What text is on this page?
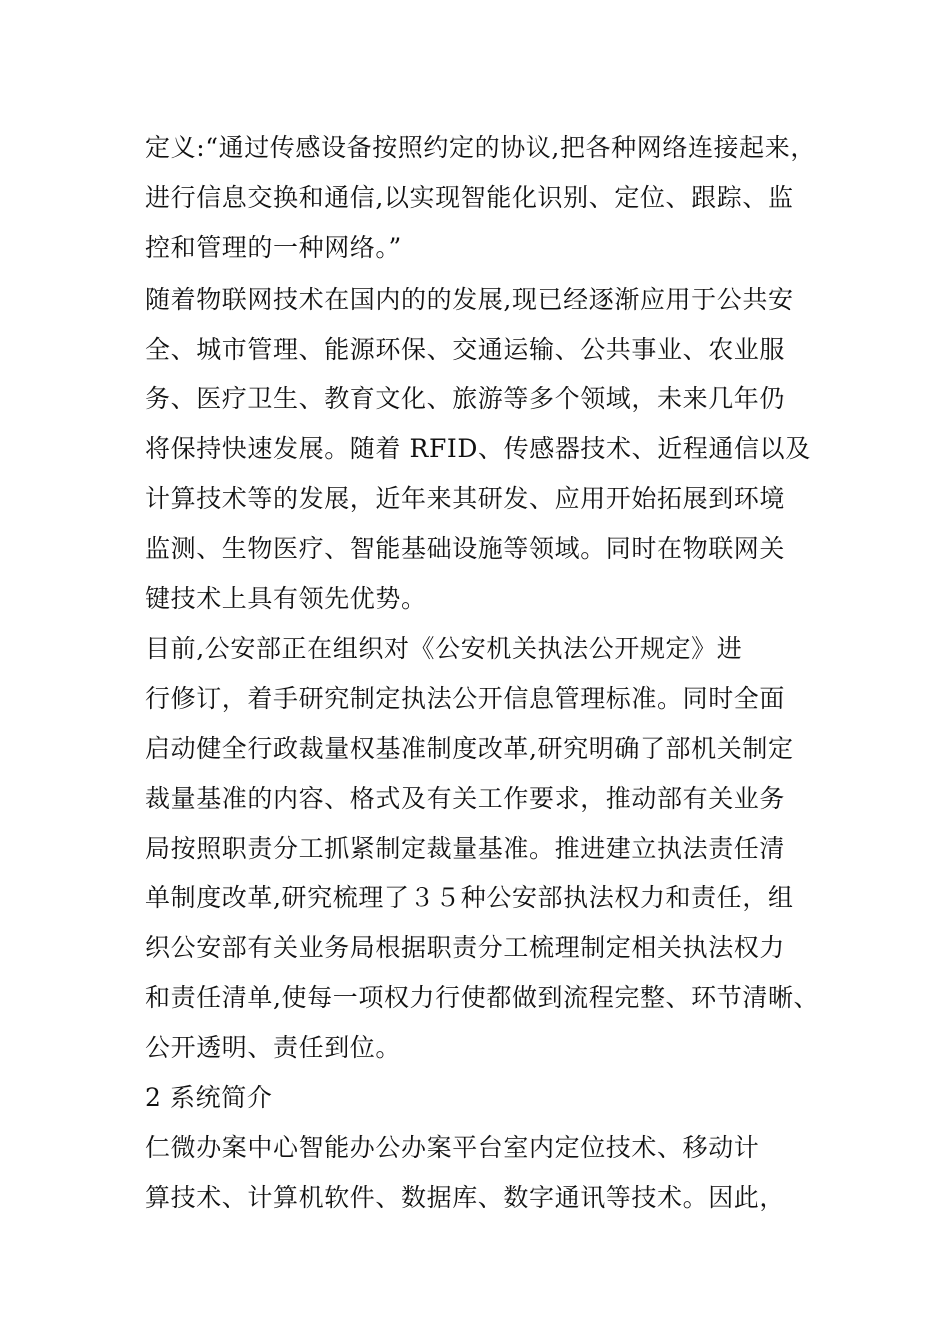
定义:“通过传感设备按照约定的协议,把各种网络连接起来，
进行信息交换和通信,以实现智能化识别、定位、跟踪、监
控和管理的一种网络。”
随着物联网技术在国内的的发展,现已经逐渐应用于公共安
全、城市管理、能源环保、交通运输、公共事业、农业服
务、医疗卫生、教育文化、旅游等多个领域，未来几年仍
将保持快速发展。随着 RFID、传感器技术、近程通信以及
计算技术等的发展，近年来其研发、应用开始拓展到环境
监测、生物医疗、智能基础设施等领域。同时在物联网关
键技术上具有领先优势。
目前,公安部正在组织对《公安机关执法公开规定》进
行修订，着手研究制定执法公开信息管理标准。同时全面
启动健全行政裁量权基准制度改革,研究明确了部机关制定
裁量基准的内容、格式及有关工作要求，推动部有关业务
局按照职责分工抓紧制定裁量基准。推进建立执法责任清
单制度改革,研究梳理了３５种公安部执法权力和责任，组
织公安部有关业务局根据职责分工梳理制定相关执法权力
和责任清单,使每一项权力行使都做到流程完整、环节清晰、
公开透明、责任到位。
2 系统简介
仁微办案中心智能办公办案平台室内定位技术、移动计
算技术、计算机软件、数据库、数字通讯等技术。因此，
